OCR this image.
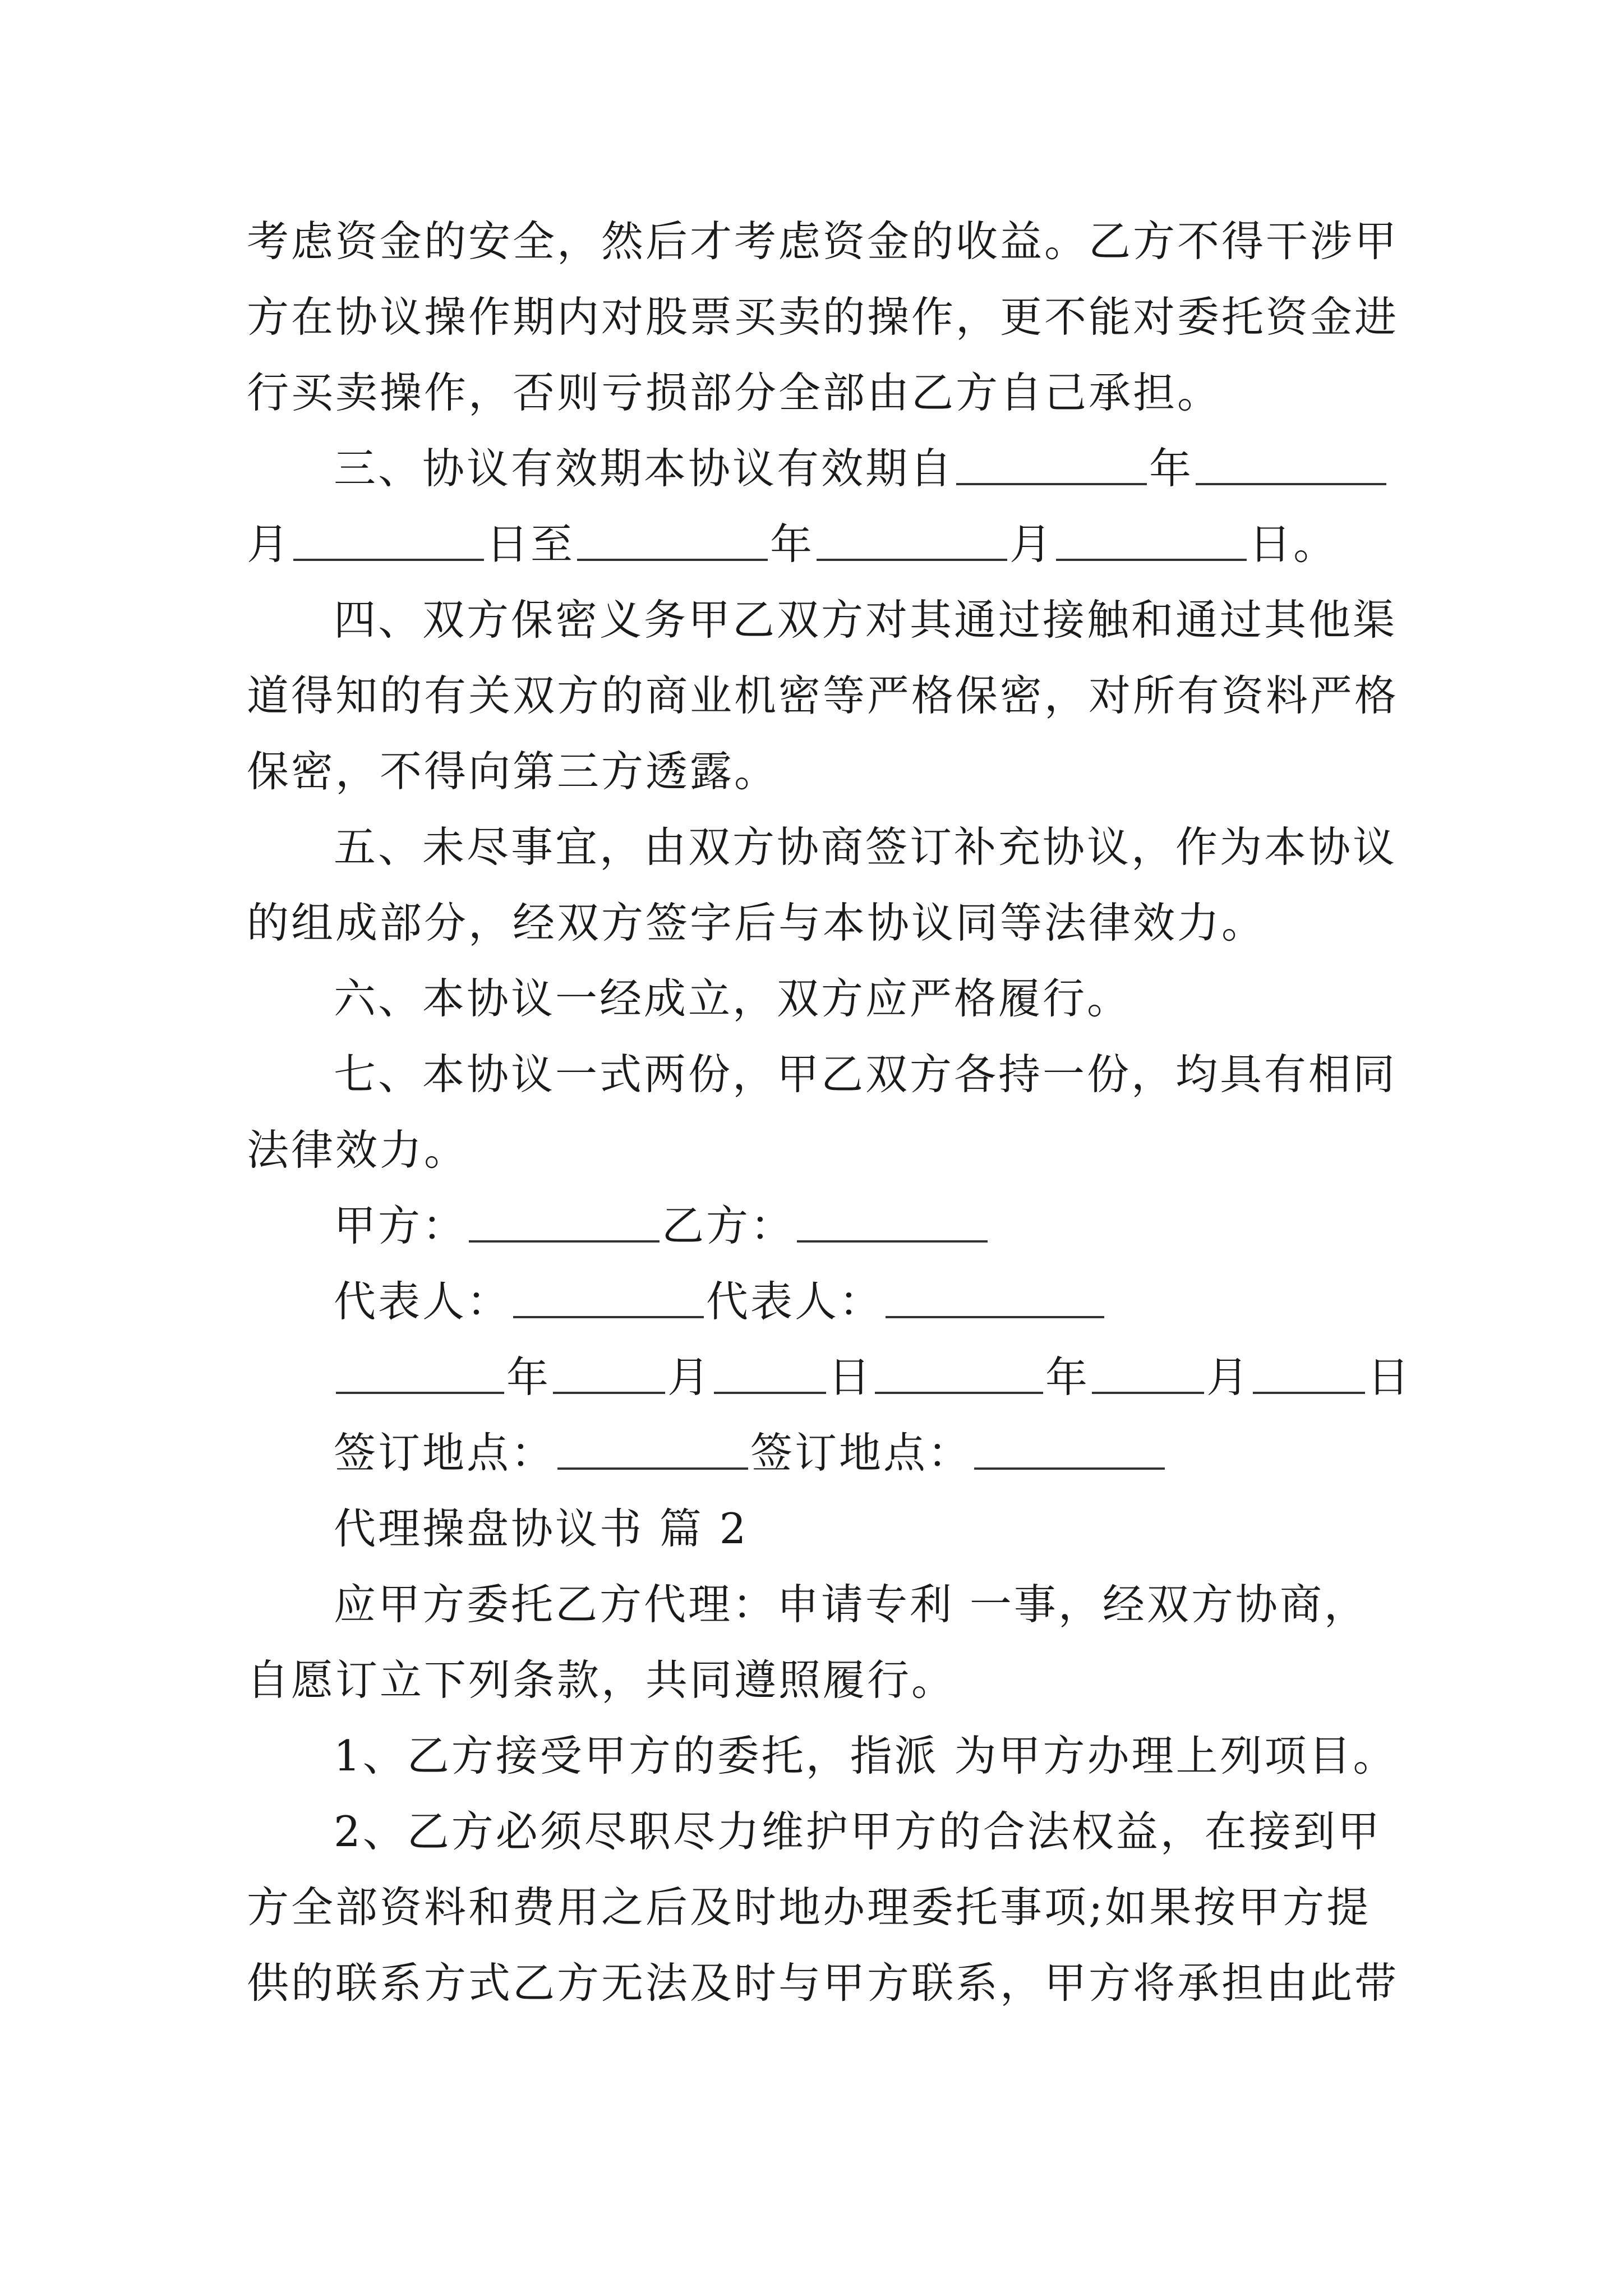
考虑资金的安全，然后才考虑资金的收益。乙方不得干涉甲
方在协议操作期内对股票买卖的操作，更不能对委托资金进
行买卖操作，否则亏损部分全部由乙方自己承担。
三、协议有效期本协议有效期自	年
月	日至	年	月	日。
四、双方保密义务甲乙双方对其通过接触和通过其他渠
道得知的有关双方的商业机密等严格保密，对所有资料严格
保密，不得向第三方透露。
五、未尽事宜，由双方协商签订补充协议，作为本协议
的组成部分，经双方签字后与本协议同等法律效力。
六、本协议一经成立，双方应严格履行。
七、本协议一式两份，甲乙双方各持一份，均具有相同
法律效力。
甲方：	乙方：
代表人：	代表人：
年	月	日	年	月	日
签订地点：	签订地点：
代理操盘协议书 篇 2
应甲方委托乙方代理：申请专利 一事，经双方协商，
自愿订立下列条款，共同遵照履行。
1、乙方接受甲方的委托，指派 为甲方办理上列项目。
2、乙方必须尽职尽力维护甲方的合法权益，在接到甲
方全部资料和费用之后及时地办理委托事项;如果按甲方提
供的联系方式乙方无法及时与甲方联系，甲方将承担由此带
